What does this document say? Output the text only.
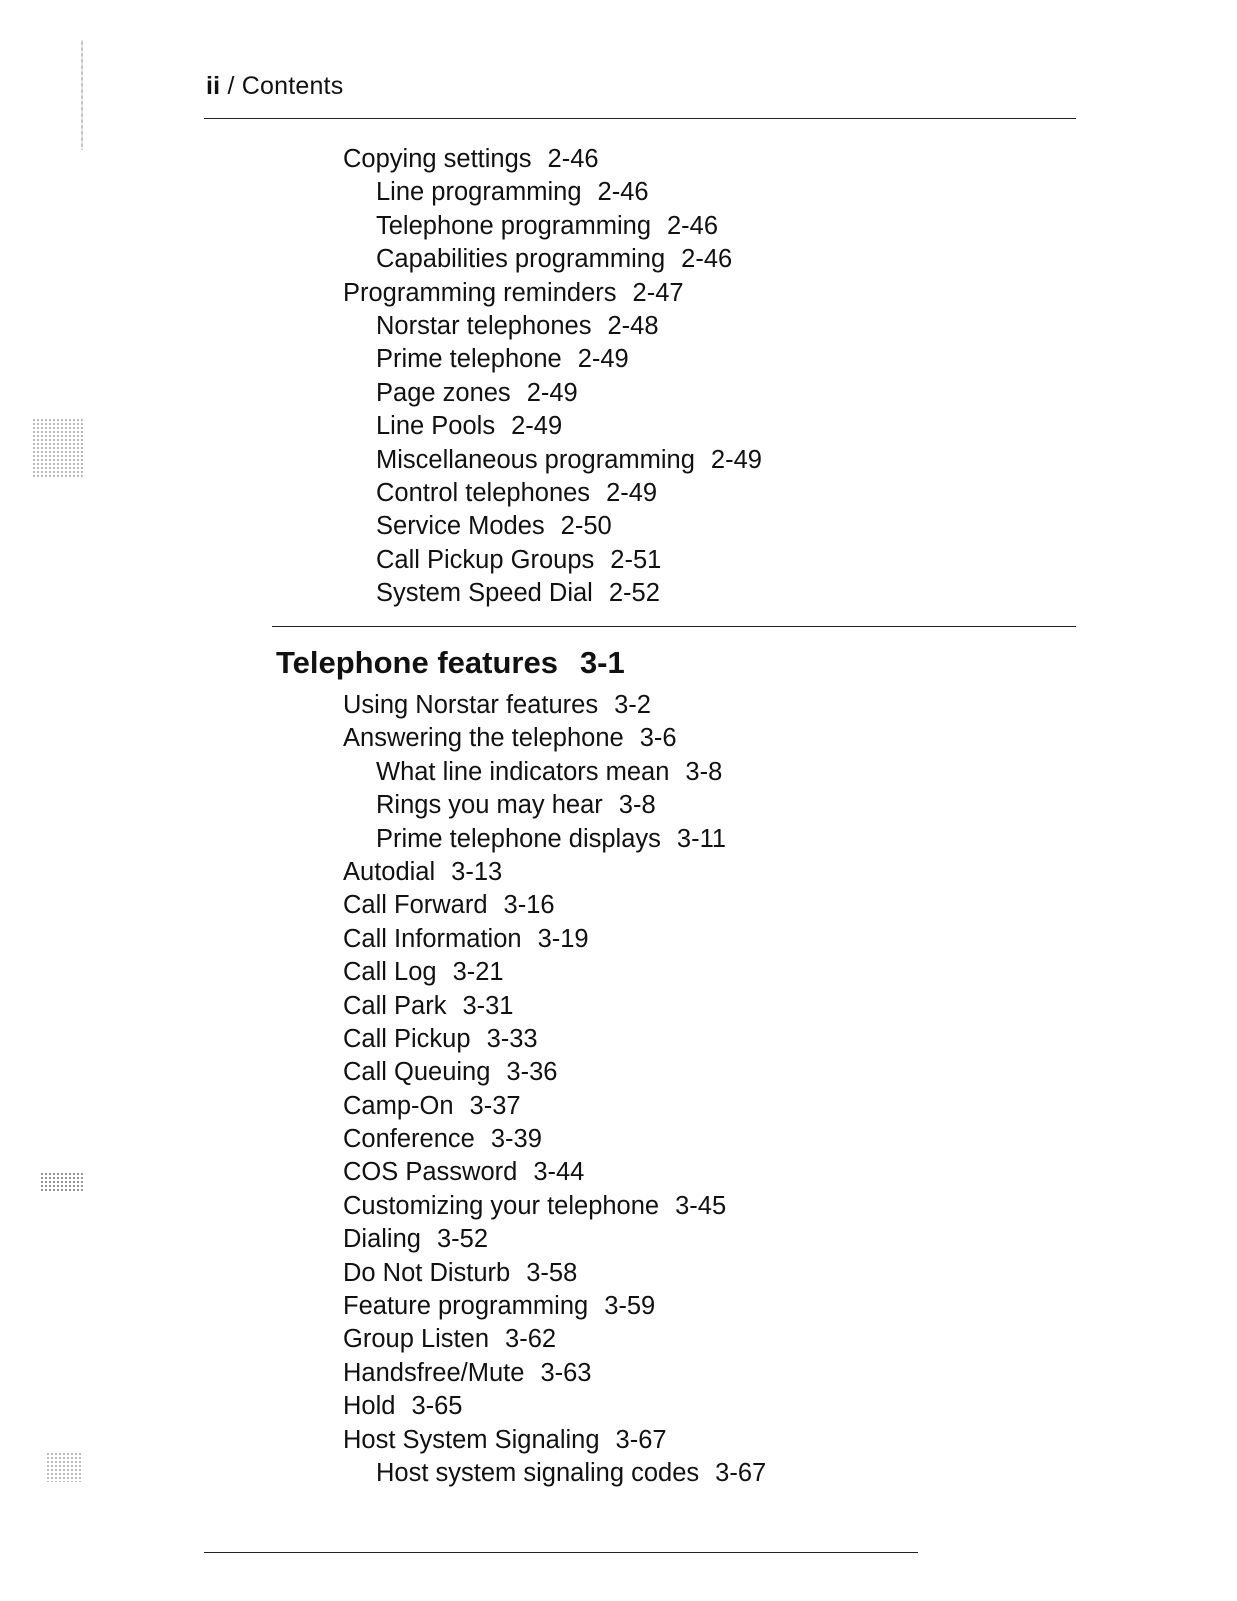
ii / Contents
Copying settings 2-46
Line programming 2-46
Telephone programming 2-46
Capabilities programming 2-46
Programming reminders 2-47
Norstar telephones 2-48
Prime telephone 2-49
Page zones 2-49
Line Pools 2-49
Miscellaneous programming 2-49
Control telephones 2-49
Service Modes 2-50
Call Pickup Groups 2-51
System Speed Dial 2-52
Telephone features 3-1
Using Norstar features 3-2
Answering the telephone 3-6
What line indicators mean 3-8
Rings you may hear 3-8
Prime telephone displays 3-11
Autodial 3-13
Call Forward 3-16
Call Information 3-19
Call Log 3-21
Call Park 3-31
Call Pickup 3-33
Call Queuing 3-36
Camp-On 3-37
Conference 3-39
COS Password 3-44
Customizing your telephone 3-45
Dialing 3-52
Do Not Disturb 3-58
Feature programming 3-59
Group Listen 3-62
Handsfree/Mute 3-63
Hold 3-65
Host System Signaling 3-67
Host system signaling codes 3-67
